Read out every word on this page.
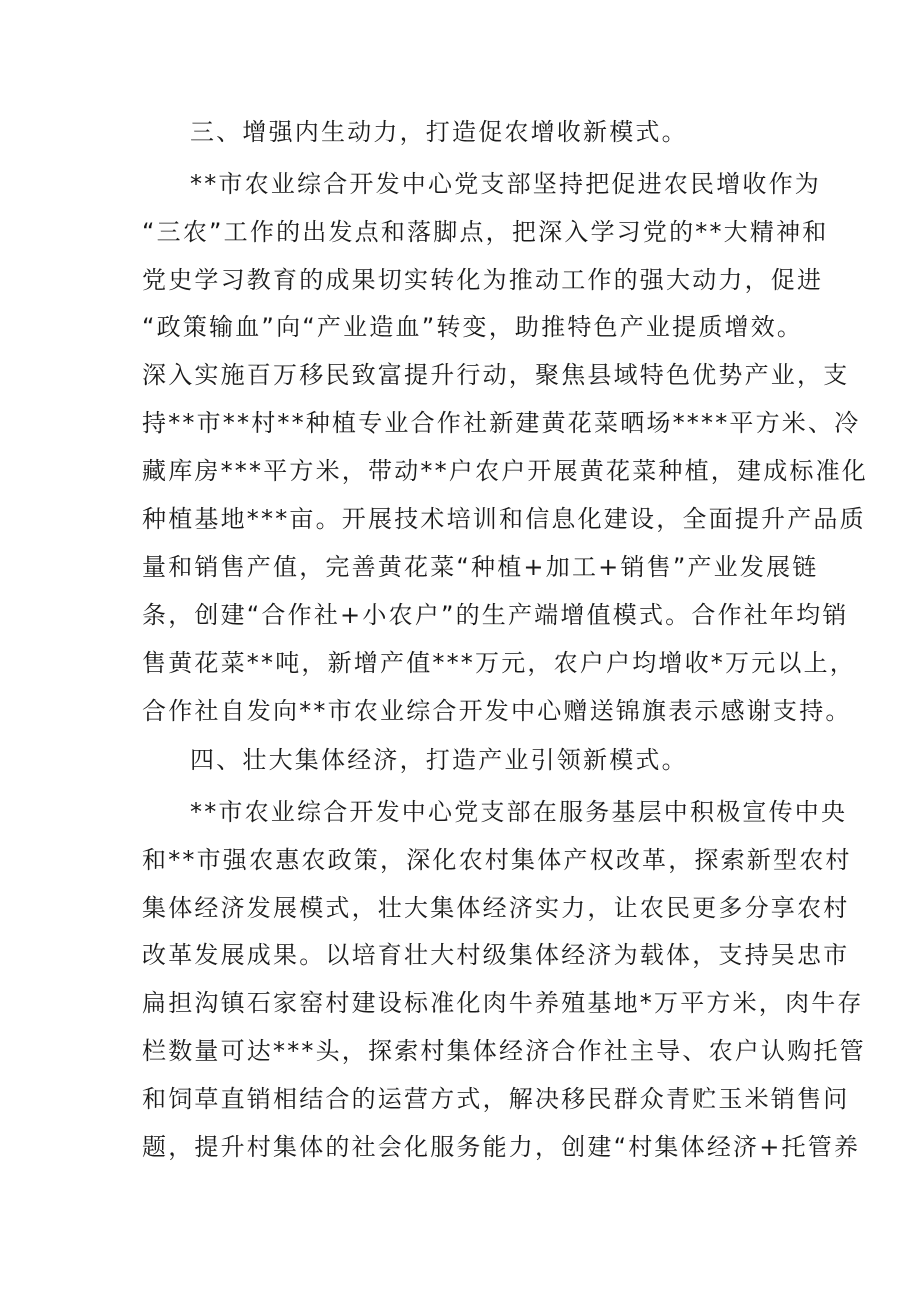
三、增强内生动力，打造促农增收新模式。
**市农业综合开发中心党支部坚持把促进农民增收作为
“三农”工作的出发点和落脚点，把深入学习党的**大精神和
党史学习教育的成果切实转化为推动工作的强大动力，促进
“政策输血”向“产业造血”转变，助推特色产业提质增效。
深入实施百万移民致富提升行动，聚焦县域特色优势产业，支
持**市**村**种植专业合作社新建黄花菜晒场****平方米、冷
藏库房***平方米，带动**户农户开展黄花菜种植，建成标准化
种植基地***亩。开展技术培训和信息化建设，全面提升产品质
量和销售产值，完善黄花菜“种植+加工+销售”产业发展链
条，创建“合作社+小农户”的生产端增值模式。合作社年均销
售黄花菜**吨，新增产值***万元，农户户均增收*万元以上，
合作社自发向**市农业综合开发中心赠送锦旗表示感谢支持。
四、壮大集体经济，打造产业引领新模式。
**市农业综合开发中心党支部在服务基层中积极宣传中央
和**市强农惠农政策，深化农村集体产权改革，探索新型农村
集体经济发展模式，壮大集体经济实力，让农民更多分享农村
改革发展成果。以培育壮大村级集体经济为载体，支持吴忠市
扁担沟镇石家窑村建设标准化肉牛养殖基地*万平方米，肉牛存
栏数量可达***头，探索村集体经济合作社主导、农户认购托管
和饲草直销相结合的运营方式，解决移民群众青贮玉米销售问
题，提升村集体的社会化服务能力，创建“村集体经济+托管养
